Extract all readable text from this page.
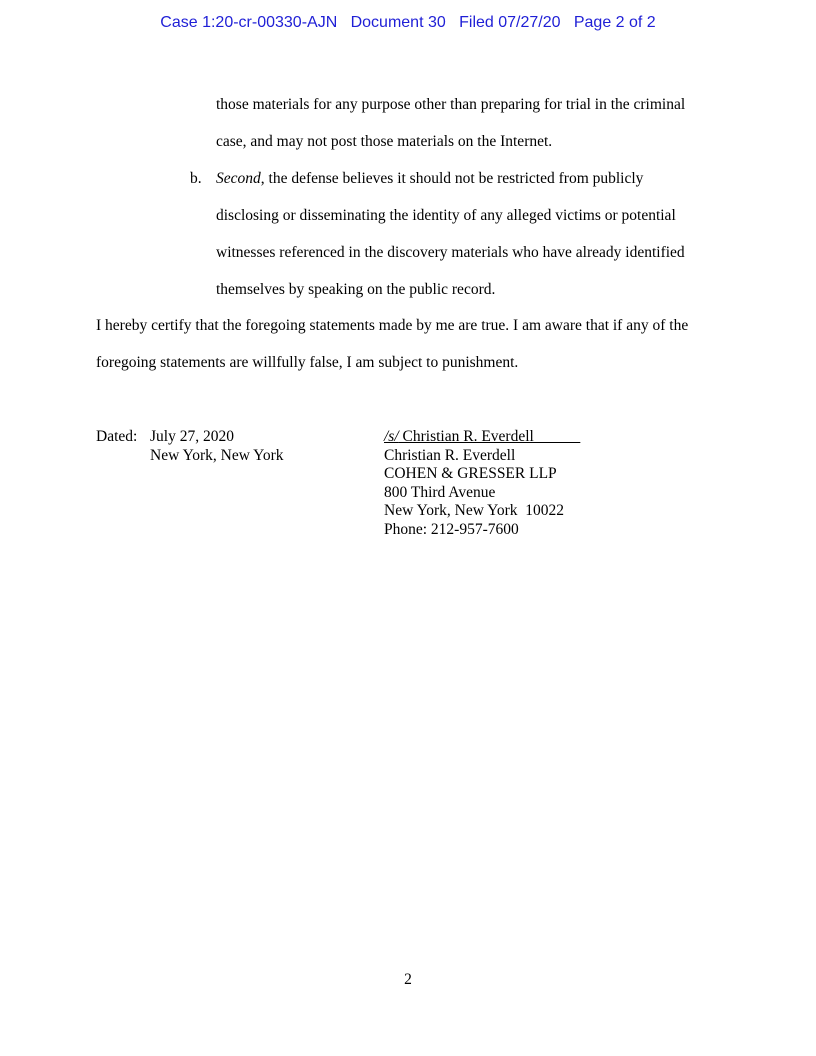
Case 1:20-cr-00330-AJN Document 30 Filed 07/27/20 Page 2 of 2
those materials for any purpose other than preparing for trial in the criminal
case, and may not post those materials on the Internet.
b. Second, the defense believes it should not be restricted from publicly
disclosing or disseminating the identity of any alleged victims or potential
witnesses referenced in the discovery materials who have already identified
themselves by speaking on the public record.
I hereby certify that the foregoing statements made by me are true. I am aware that if any of the
foregoing statements are willfully false, I am subject to punishment.
Dated: July 27, 2020
New York, New York
/s/ Christian R. Everdell
Christian R. Everdell
COHEN & GRESSER LLP
800 Third Avenue
New York, New York  10022
Phone: 212-957-7600
2
